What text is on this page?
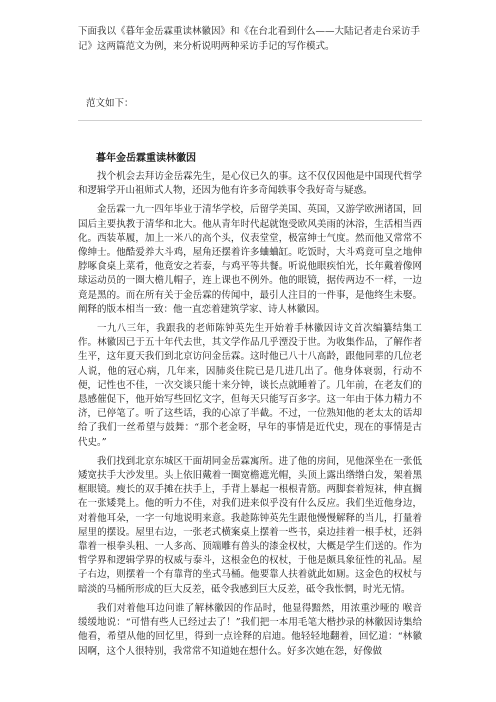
下面我以《暮年金岳霖重读林徽因》和《在台北看到什么——大陆记者走台采访手记》这两篇范文为例，来分析说明两种采访手记的写作模式。
范文如下：
暮年金岳霖重读林徽因

找个机会去拜访金岳霖先生，是心仪已久的事。这不仅仅因他是中国现代哲学和逻辑学开山祖师式人物，还因为他有许多奇闻轶事令我好奇与疑惑。

金岳霖一九一四年毕业于清华学校，后留学美国、英国，又游学欧洲诸国，回国后主要执教于清华和北大。他从青年时代起就饱受欧风美雨的沐浴，生活相当西化。西装革履，加上一米八的高个头，仪表堂堂，极富绅士气度。然而他又常常不像绅士。他酷爱养大斗鸡，屋角还摆着许多蛐蛐缸。吃饭时，大斗鸡竟可皇之地伸脖啄食桌上菜肴，他竟安之若泰，与鸡平等共餐。听说他眼疾怕光，长年戴着像网球运动员的一圈大檐儿帽子，连上课也不例外。他的眼镜，据传两边不一样，一边竟是黑的。而在所有关于金岳霖的传闻中，最引人注目的一件事，是他终生未娶。阐释的版本相当一致：他一直恋着建筑学家、诗人林徽因。

一九八三年，我跟我的老师陈钟英先生开始着手林徽因诗文首次编纂结集工作。林徽因已于五十年代去世，其文学作品几乎湮没于世。为收集作品，了解作者生平，这年夏天我们到北京访问金岳霖。这时他已八十八高龄，跟他同辈的几位老人说，他的冠心病，几年来，因肺炎住院已是几进几出了。他身体衰弱，行动不便，记性也不佳，一次交谈只能十来分钟，谈长点就睡着了。几年前，在老友们的恳感催促下，他开始写些回忆文字，但每天只能写百多字。这一年由于体力精力不济，已停笔了。听了这些话，我的心凉了半截。不过，一位熟知他的老太太的话却给了我们一丝希望与鼓舞：“那个老金呀，早年的事情是近代史，现在的事情是古代史。”

我们找到北京东城区干面胡同金岳霖寓所。进了他的房间，见他深坐在一张低矮宽扶手大沙发里。头上依旧戴着一圈宽檐遮光帽，头顶上露出绺绺白发，架着黑框眼镜。瘦长的双手摊在扶手上，手背上暴起一根根青筋。两脚套着短袜，伸直搁在一张矮凳上。他的听力不佳，对我们进来似乎没有什么反应。我们坐近他身边，对着他耳朵，一字一句地说明来意。我趁陈钟英先生跟他慢慢解释的当儿，打量着屋里的摆设。屋里右边，一张老式横案桌上摆着一些书，桌边挂着一根手杖，还斜靠着一根拳头粗、一人多高、顶端雕有兽头的漆金权杖，大概是学生们送的。作为哲学界和逻辑学界的权威与泰斗，这根金色的权杖，于他是颇具象征性的礼品。屋子右边，则摆着一个有靠背的坐式马桶。他要靠人扶着就此如厕。这金色的权杖与暗淡的马桶所形成的巨大反差，砥令我感到巨大反差，砥令我怅惘，时光无情。

我们对着他耳边问谁了解林徽因的作品时，他显得黯然，用浓重沙哑的 喉音缓缓地说：“可惜有些人已经过去了！”我们把一本用毛笔大楷抄录的林徽因诗集给他看，希望从他的回忆里，得到一点诠释的启迪。他轻轻地翻着，回忆道：“林徽因啊，这个人很特别，我常常不知道她在想什么。好多次她在怨，好像做
